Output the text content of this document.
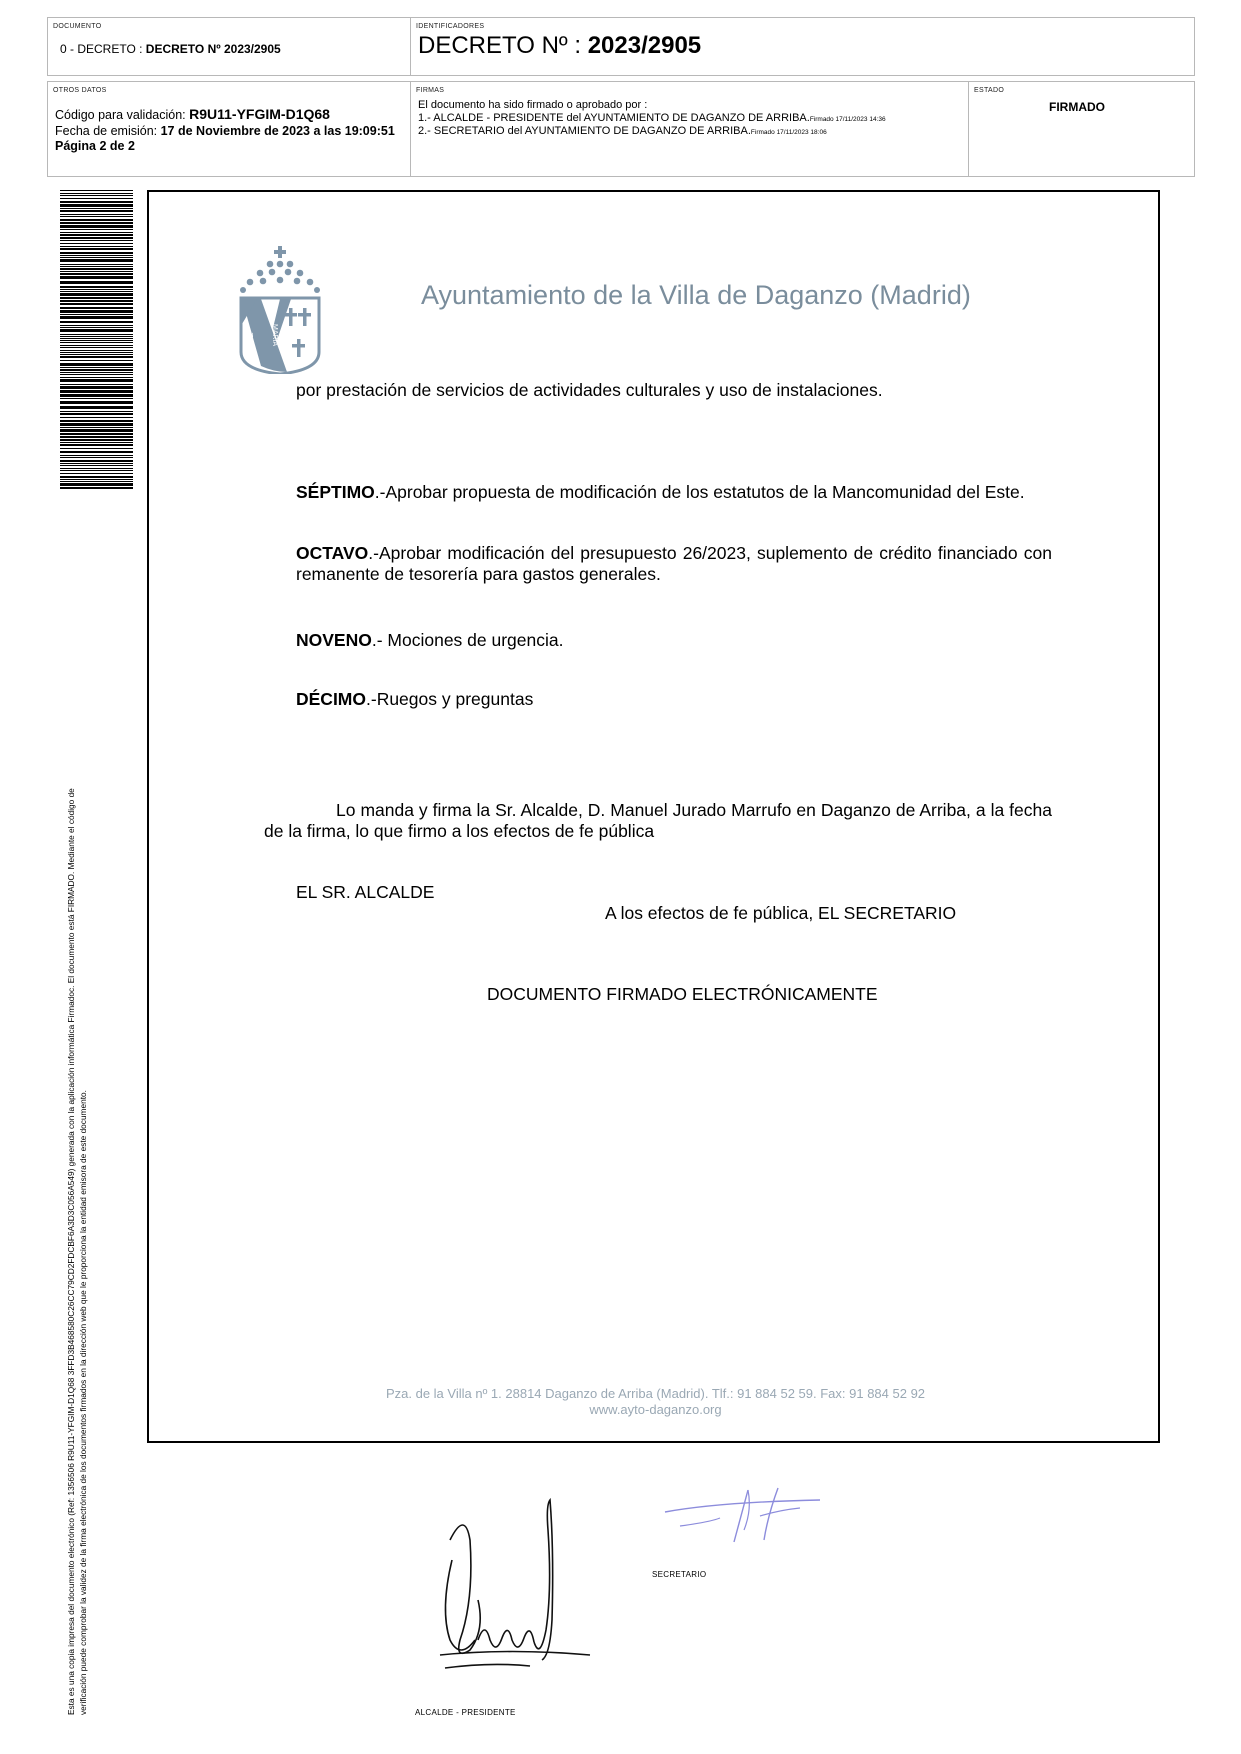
DOCUMENTO
0 - DECRETO : DECRETO Nº 2023/2905
IDENTIFICADORES
DECRETO Nº : 2023/2905
OTROS DATOS
Código para validación: R9U11-YFGIM-D1Q68
Fecha de emisión: 17 de Noviembre de 2023 a las 19:09:51
Página 2 de 2
FIRMAS
El documento ha sido firmado o aprobado por :
1.- ALCALDE - PRESIDENTE del AYUNTAMIENTO DE DAGANZO DE ARRIBA.Firmado 17/11/2023 14:36
2.- SECRETARIO del AYUNTAMIENTO DE DAGANZO DE ARRIBA.Firmado 17/11/2023 18:06
ESTADO
FIRMADO
Esta es una copia impresa del documento electrónico (Ref: 1356506 R9U11-YFGIM-D1Q68 3FFD3B468580C26CC79CD2FDCBF6A3D3C056A549) generada con la aplicación informática Firmadoc. El documento está FIRMADO. Mediante el código de verificación puede comprobar la validez de la firma electrónica de los documentos firmados en la dirección web que le proporciona la entidad emisora de este documento.
AVE MARIA
Ayuntamiento de la Villa de Daganzo (Madrid)
por prestación de servicios de actividades culturales y uso de instalaciones.
SÉPTIMO.-Aprobar propuesta de modificación de los estatutos de la Mancomunidad del Este.
OCTAVO.-Aprobar modificación del presupuesto 26/2023, suplemento de crédito financiado con remanente de tesorería para gastos generales.
NOVENO.- Mociones de urgencia.
DÉCIMO.-Ruegos y preguntas
Lo manda y firma la Sr. Alcalde, D. Manuel Jurado Marrufo en Daganzo de Arriba, a la fecha de la firma, lo que firmo a los efectos de fe pública
EL SR. ALCALDE
A los efectos de fe pública, EL SECRETARIO
DOCUMENTO FIRMADO ELECTRÓNICAMENTE
Pza. de la Villa nº 1. 28814 Daganzo de Arriba (Madrid). Tlf.: 91 884 52 59. Fax: 91 884 52 92
www.ayto-daganzo.org
SECRETARIO
ALCALDE - PRESIDENTE
